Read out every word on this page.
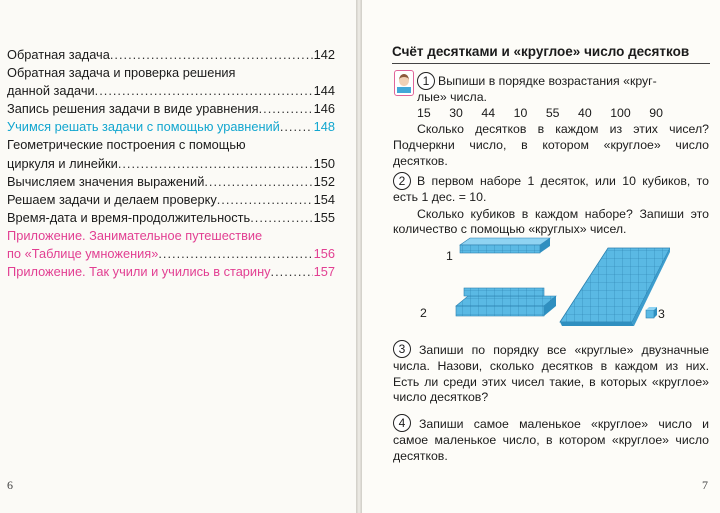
Обратная задача .....	142
Обратная задача и проверка решения
данной задачи .....	144
Запись решения задачи в виде уравнения .....	146
Учимся решать задачи с помощью уравнений .....	148
Геометрические построения с помощью
циркуля и линейки .....	150
Вычисляем значения выражений .....	152
Решаем задачи и делаем проверку .....	154
Время-дата и время-продолжительность .....	155
Приложение. Занимательное путешествие
по «Таблице умножения» .....	156
Приложение. Так учили и учились в старину .....	157
6
Счёт десятками и «круглое» число десятков
1 Выпиши в порядке возрастания «круг-
лые» числа.
15 30 44 10 55 40 100 90

Сколько десятков в каждом из этих чисел? Подчеркни число, в котором «круглое» число десятков.

2 В первом наборе 1 десяток, или 10 кубиков, то есть 1 дес. = 10.

Сколько кубиков в каждом наборе? Запиши это количество с помощью «круглых» чисел.

1
2	3
3	Запиши по порядку все «круглые» двузначные числа. Назови, сколько десятков в каждом из них. Есть ли среди этих чисел такие, в которых «круглое» число десятков?

4	Запиши самое маленькое «круглое» число и самое маленькое число, в котором «круглое» число десятков.

7
